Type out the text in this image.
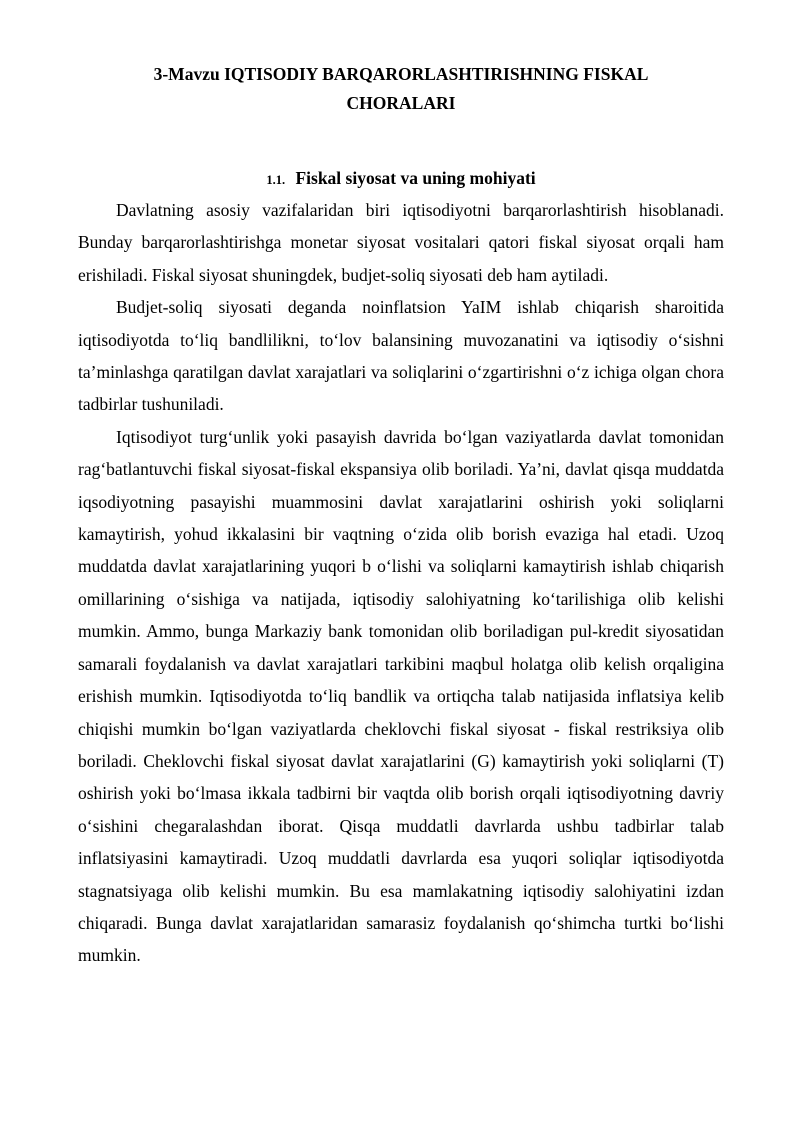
3-Mavzu IQTISODIY BARQARORLASHTIRISHNING FISKAL
CHORALARI
1.1. Fiskal siyosat va uning mohiyati

Davlatning asosiy vazifalaridan biri iqtisodiyotni barqarorlashtirish hisoblanadi. Bunday barqarorlashtirishga monetar siyosat vositalari qatori fiskal siyosat orqali ham erishiladi. Fiskal siyosat shuningdek, budjet-soliq siyosati deb ham aytiladi.

Budjet-soliq siyosati deganda noinflatsion YaIM ishlab chiqarish sharoitida iqtisodiyotda to‘liq bandlilikni, to‘lov balansining muvozanatini va iqtisodiy o‘sishni ta’minlashga qaratilgan davlat xarajatlari va soliqlarini o‘zgartirishni o‘z ichiga olgan chora tadbirlar tushuniladi.

Iqtisodiyot turg‘unlik yoki pasayish davrida bo‘lgan vaziyatlarda davlat tomonidan rag‘batlantuvchi fiskal siyosat-fiskal ekspansiya olib boriladi. Ya’ni, davlat qisqa muddatda iqsodiyotning pasayishi muammosini davlat xarajatlarini oshirish yoki soliqlarni kamaytirish, yohud ikkalasini bir vaqtning o‘zida olib borish evaziga hal etadi. Uzoq muddatda davlat xarajatlarining yuqori b o‘lishi va soliqlarni kamaytirish ishlab chiqarish omillarining o‘sishiga va natijada, iqtisodiy salohiyatning ko‘tarilishiga olib kelishi mumkin. Ammo, bunga Markaziy bank tomonidan olib boriladigan pul-kredit siyosatidan samarali foydalanish va davlat xarajatlari tarkibini maqbul holatga olib kelish orqaligina erishish mumkin. Iqtisodiyotda to‘liq bandlik va ortiqcha talab natijasida inflatsiya kelib chiqishi mumkin bo‘lgan vaziyatlarda cheklovchi fiskal siyosat - fiskal restriksiya olib boriladi. Cheklovchi fiskal siyosat davlat xarajatlarini (G) kamaytirish yoki soliqlarni (T) oshirish yoki bo‘lmasa ikkala tadbirni bir vaqtda olib borish orqali iqtisodiyotning davriy o‘sishini chegaralashdan iborat. Qisqa muddatli davrlarda ushbu tadbirlar talab inflatsiyasini kamaytiradi. Uzoq muddatli davrlarda esa yuqori soliqlar iqtisodiyotda stagnatsiyaga olib kelishi mumkin. Bu esa mamlakatning iqtisodiy salohiyatini izdan chiqaradi. Bunga davlat xarajatlaridan samarasiz foydalanish qo‘shimcha turtki bo‘lishi mumkin.
